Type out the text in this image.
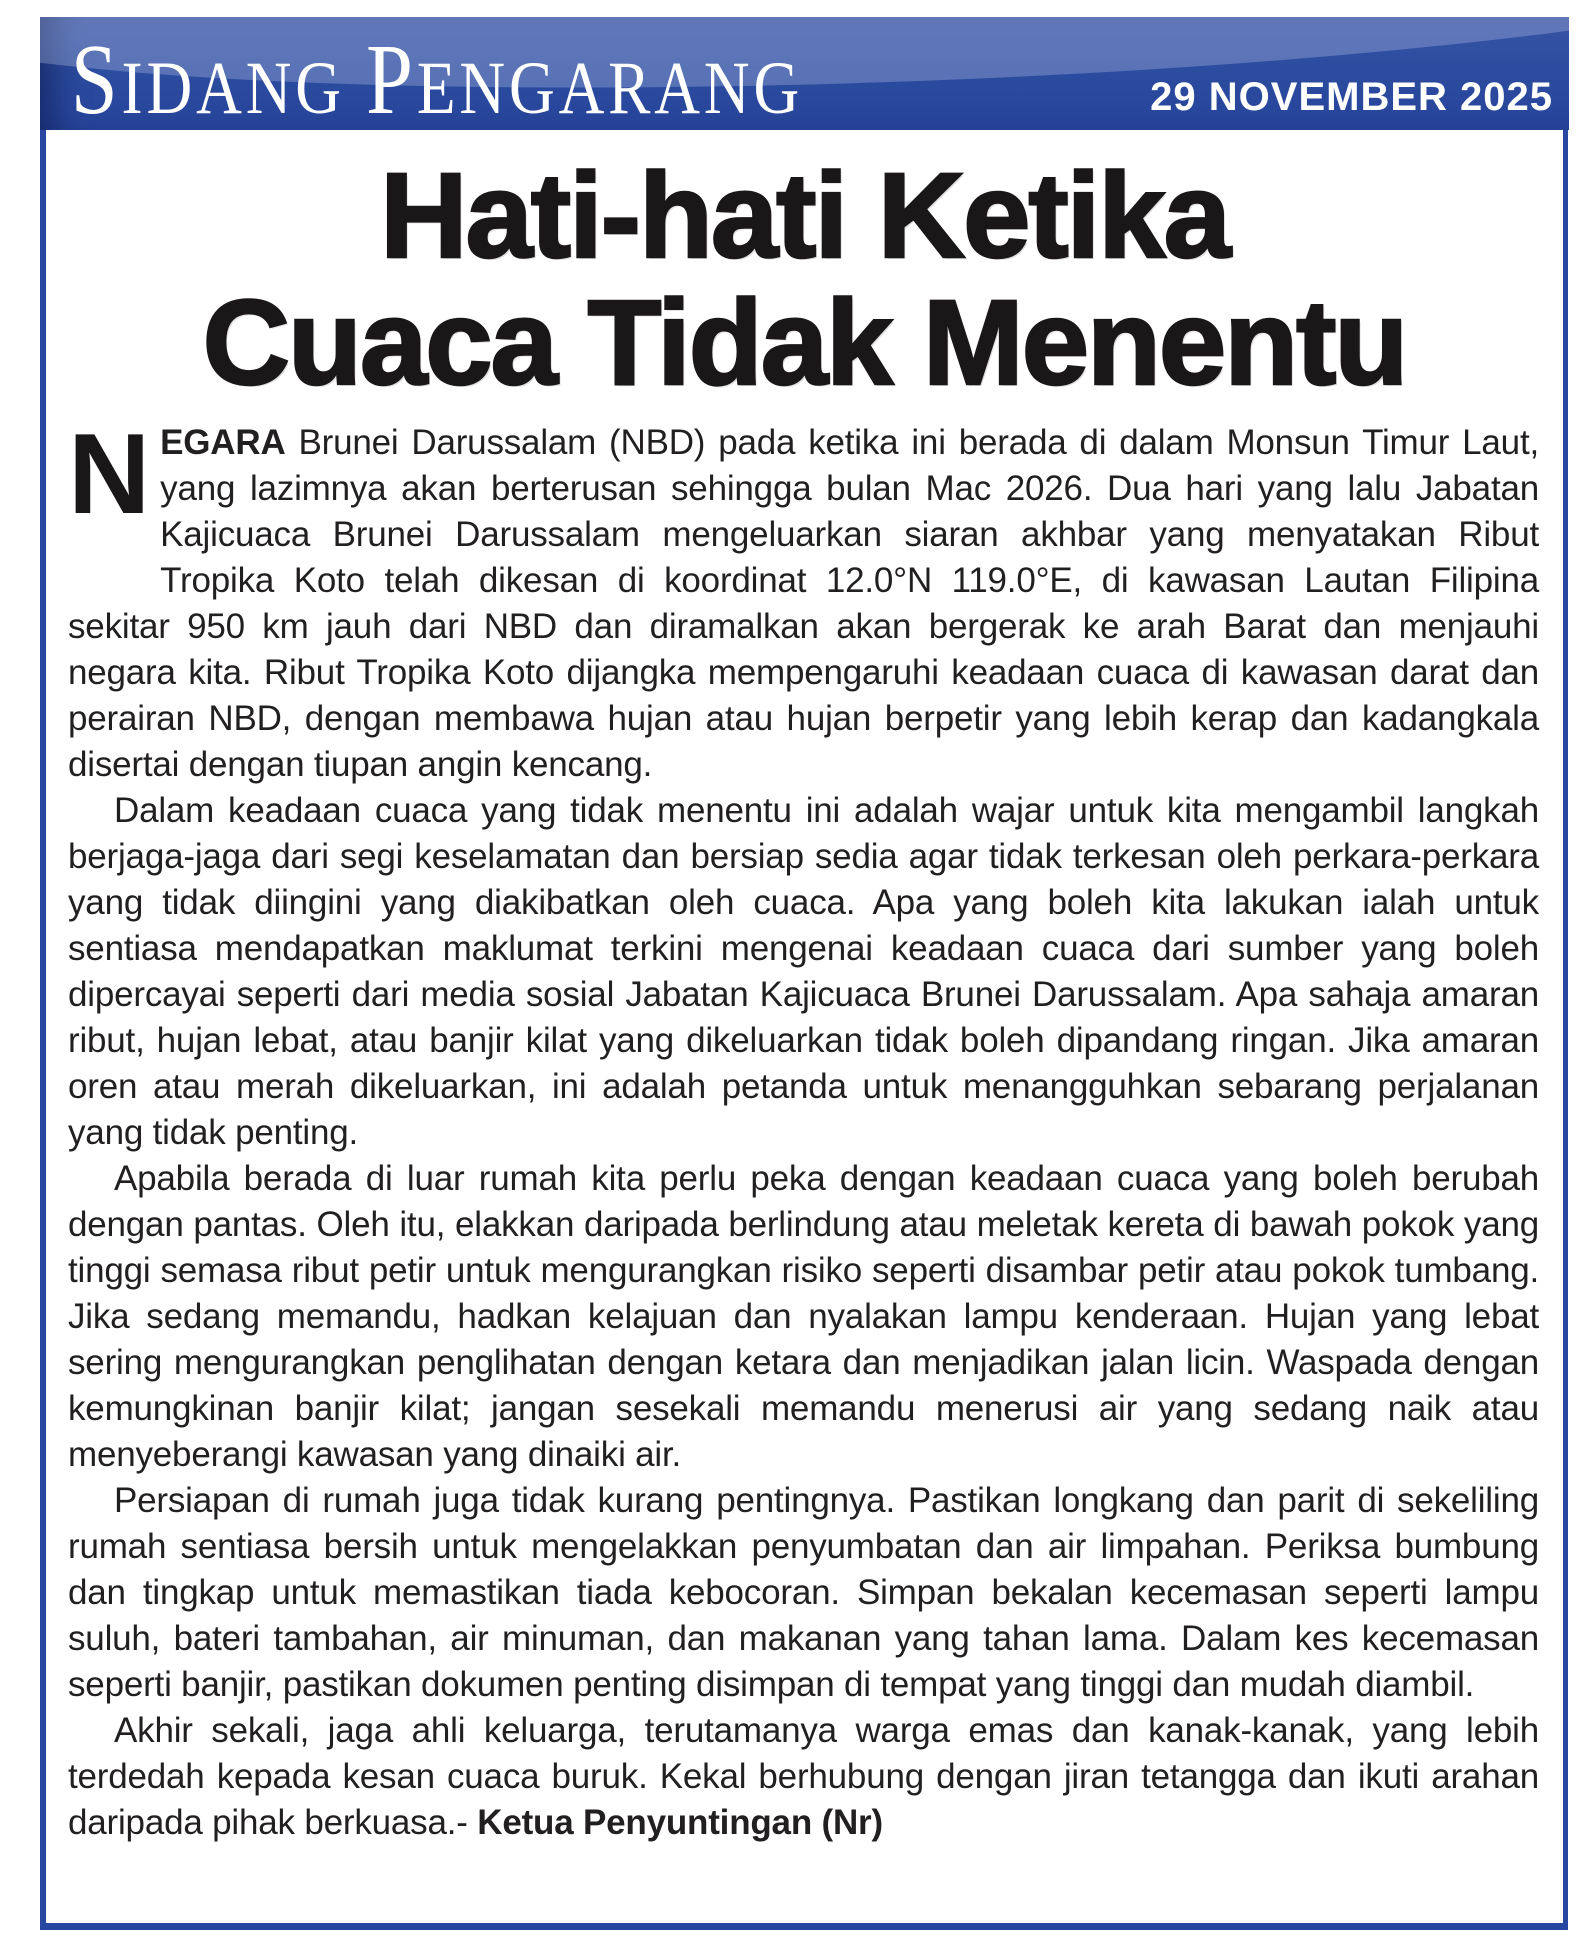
SIDANG PENGARANG	29 NOVEMBER 2025
Hati-hati Ketika
Cuaca Tidak Menentu

NEGARA Brunei Darussalam (NBD) pada ketika ini berada di dalam Monsun Timur Laut, yang lazimnya akan berterusan sehingga bulan Mac 2026. Dua hari yang lalu Jabatan Kajicuaca Brunei Darussalam mengeluarkan siaran akhbar yang menyatakan Ribut Tropika Koto telah dikesan di koordinat 12.0°N 119.0°E, di kawasan Lautan Filipina sekitar 950 km jauh dari NBD dan diramalkan akan bergerak ke arah Barat dan menjauhi negara kita. Ribut Tropika Koto dijangka mempengaruhi keadaan cuaca di kawasan darat dan perairan NBD, dengan membawa hujan atau hujan berpetir yang lebih kerap dan kadangkala disertai dengan tiupan angin kencang.

Dalam keadaan cuaca yang tidak menentu ini adalah wajar untuk kita mengambil langkah berjaga-jaga dari segi keselamatan dan bersiap sedia agar tidak terkesan oleh perkara-perkara yang tidak diingini yang diakibatkan oleh cuaca. Apa yang boleh kita lakukan ialah untuk sentiasa mendapatkan maklumat terkini mengenai keadaan cuaca dari sumber yang boleh dipercayai seperti dari media sosial Jabatan Kajicuaca Brunei Darussalam. Apa sahaja amaran ribut, hujan lebat, atau banjir kilat yang dikeluarkan tidak boleh dipandang ringan. Jika amaran oren atau merah dikeluarkan, ini adalah petanda untuk menangguhkan sebarang perjalanan yang tidak penting.

Apabila berada di luar rumah kita perlu peka dengan keadaan cuaca yang boleh berubah dengan pantas. Oleh itu, elakkan daripada berlindung atau meletak kereta di bawah pokok yang tinggi semasa ribut petir untuk mengurangkan risiko seperti disambar petir atau pokok tumbang. Jika sedang memandu, hadkan kelajuan dan nyalakan lampu kenderaan. Hujan yang lebat sering mengurangkan penglihatan dengan ketara dan menjadikan jalan licin. Waspada dengan kemungkinan banjir kilat; jangan sesekali memandu menerusi air yang sedang naik atau menyeberangi kawasan yang dinaiki air.

Persiapan di rumah juga tidak kurang pentingnya. Pastikan longkang dan parit di sekeliling rumah sentiasa bersih untuk mengelakkan penyumbatan dan air limpahan. Periksa bumbung dan tingkap untuk memastikan tiada kebocoran. Simpan bekalan kecemasan seperti lampu suluh, bateri tambahan, air minuman, dan makanan yang tahan lama. Dalam kes kecemasan seperti banjir, pastikan dokumen penting disimpan di tempat yang tinggi dan mudah diambil.

Akhir sekali, jaga ahli keluarga, terutamanya warga emas dan kanak-kanak, yang lebih terdedah kepada kesan cuaca buruk. Kekal berhubung dengan jiran tetangga dan ikuti arahan daripada pihak berkuasa.- Ketua Penyuntingan (Nr)
